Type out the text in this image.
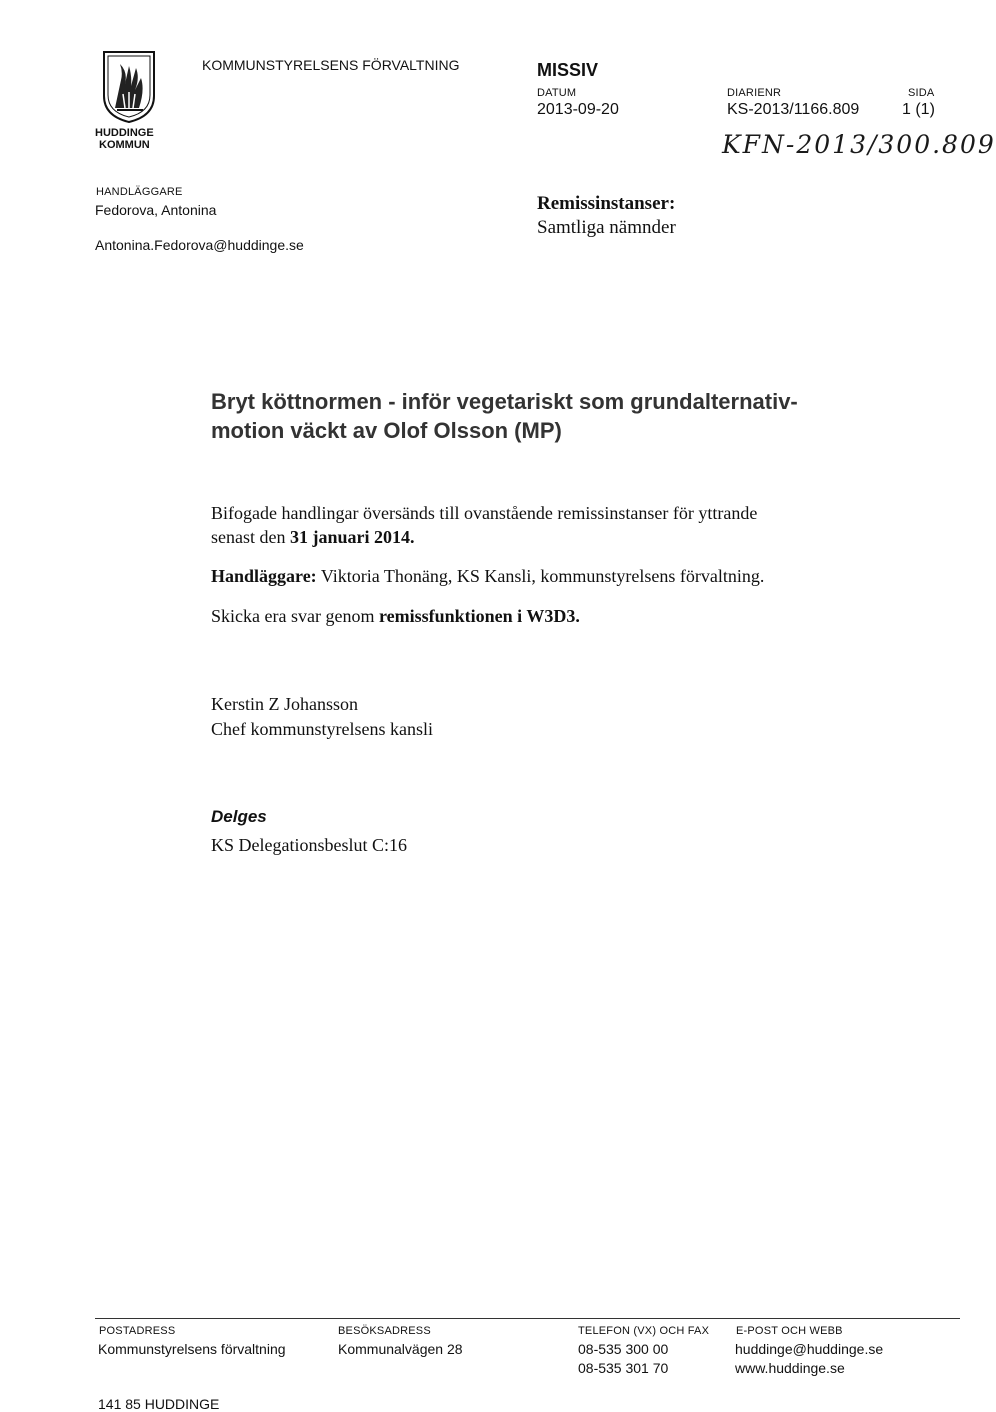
HUDDINGE
KOMMUN
KOMMUNSTYRELSENS FÖRVALTNING	MISSIV
DATUM
2013-09-20
DIARIENR
KS-2013/1166.809
SIDA
1 (1)
KFN-2013/300.809
HANDLÄGGARE
Fedorova, Antonina
Antonina.Fedorova@huddinge.se
Remissinstanser:
Samtliga nämnder
Bryt köttnormen - inför vegetariskt som grundalternativ-
motion väckt av Olof Olsson (MP)
Bifogade handlingar översänds till ovanstående remissinstanser för yttrande
senast den 31 januari 2014.
Handläggare: Viktoria Thonäng, KS Kansli, kommunstyrelsens förvaltning.
Skicka era svar genom remissfunktionen i W3D3.
Kerstin Z Johansson
Chef kommunstyrelsens kansli
Delges
KS Delegationsbeslut C:16
POSTADRESS
Kommunstyrelsens förvaltning
141 85 HUDDINGE
BESÖKSADRESS
Kommunalvägen 28
TELEFON (VX) OCH FAX
08-535 300 00
08-535 301 70
E-POST OCH WEBB
huddinge@huddinge.se
www.huddinge.se
